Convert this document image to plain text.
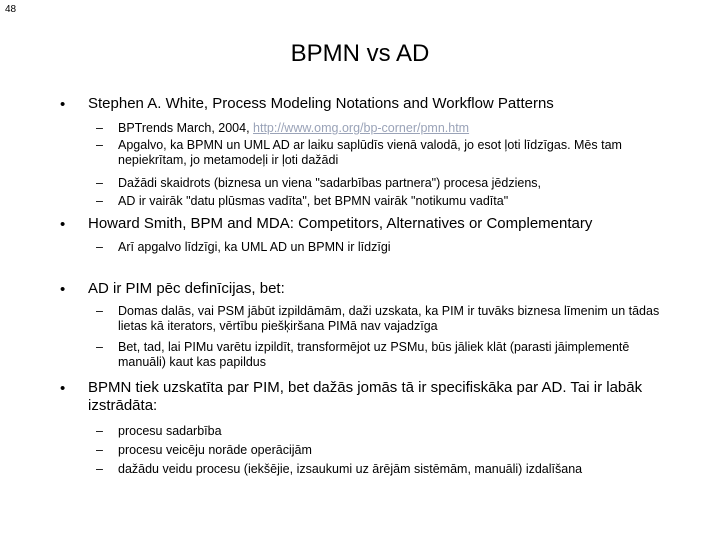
48
BPMN vs AD
• Stephen A. White, Process Modeling Notations and Workflow Patterns
– BPTrends March, 2004, http://www.omg.org/bp-corner/pmn.htm
– Apgalvo, ka BPMN un UML AD ar laiku saplūdīs vienā valodā, jo esot ļoti līdzīgas. Mēs tam nepiekrītam, jo metamodeļi ir ļoti dažādi
– Dažādi skaidrots (biznesa un viena "sadarbības partnera") procesa jēdziens,
– AD ir vairāk "datu plūsmas vadīta", bet BPMN vairāk "notikumu vadīta"
• Howard Smith, BPM and MDA: Competitors, Alternatives or Complementary
– Arī apgalvo līdzīgi, ka UML AD un BPMN ir līdzīgi
• AD ir PIM pēc definīcijas, bet:
– Domas dalās, vai PSM jābūt izpildāmām, daži uzskata, ka PIM ir tuvāks biznesa līmenim un tādas lietas kā iterators, vērtību piešķiršana PIMā nav vajadzīga
– Bet, tad, lai PIMu varētu izpildīt, transformējot uz PSMu, būs jāliek klāt (parasti jāimplementē manuāli) kaut kas papildus
• BPMN tiek uzskatīta par PIM, bet dažās jomās tā ir specifiskāka par AD. Tai ir labāk izstrādāta:
– procesu sadarbība
– procesu veicēju norāde operācijām
– dažādu veidu procesu (iekšējie, izsaukumi uz ārējām sistēmām, manuāli) izdalīšana
